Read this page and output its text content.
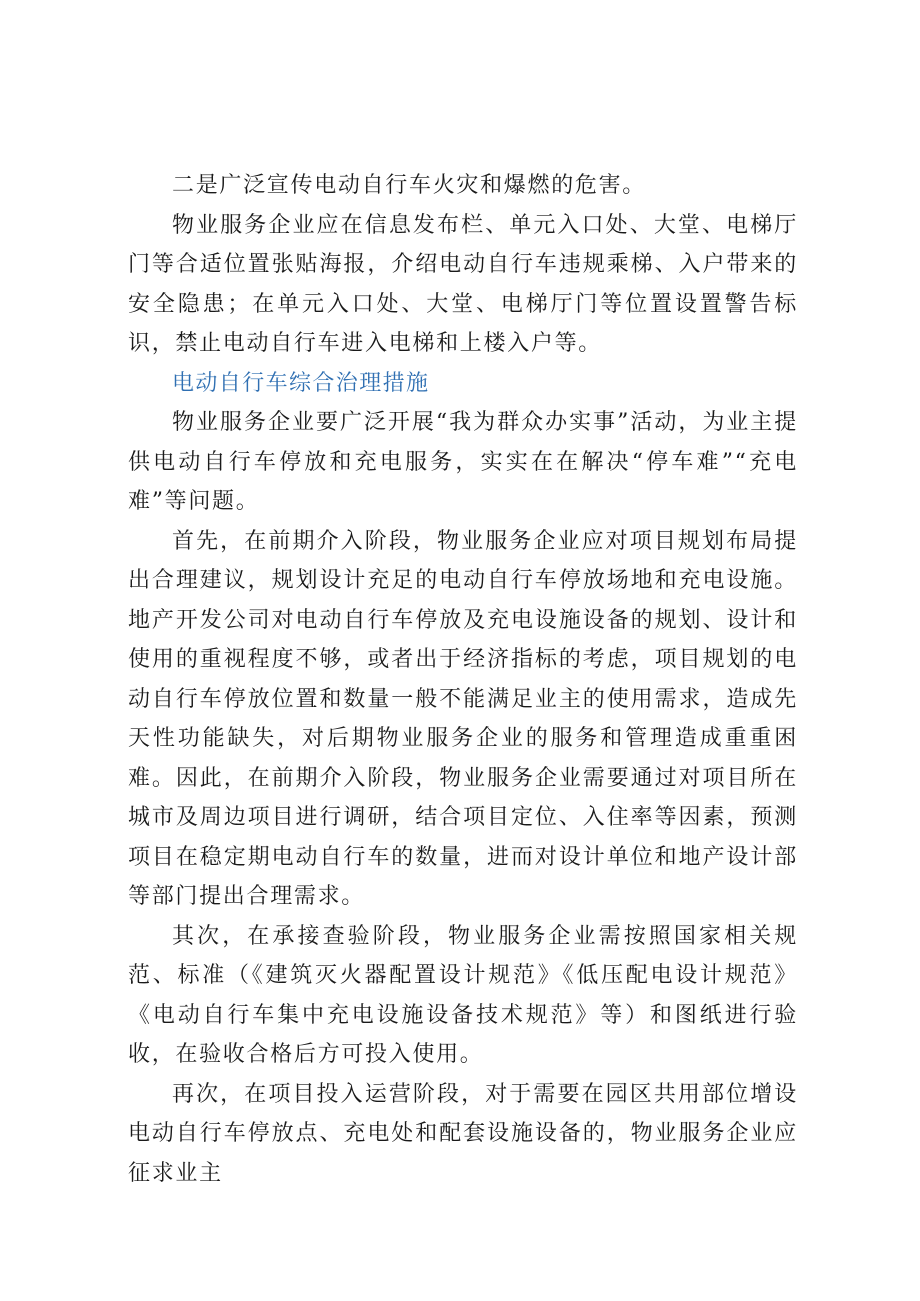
二是广泛宣传电动自行车火灾和爆燃的危害。

物业服务企业应在信息发布栏、单元入口处、大堂、电梯厅门等合适位置张贴海报，介绍电动自行车违规乘梯、入户带来的安全隐患；在单元入口处、大堂、电梯厅门等位置设置警告标识，禁止电动自行车进入电梯和上楼入户等。

电动自行车综合治理措施

物业服务企业要广泛开展“我为群众办实事”活动，为业主提供电动自行车停放和充电服务，实实在在解决“停车难”“充电难”等问题。

首先，在前期介入阶段，物业服务企业应对项目规划布局提出合理建议，规划设计充足的电动自行车停放场地和充电设施。地产开发公司对电动自行车停放及充电设施设备的规划、设计和使用的重视程度不够，或者出于经济指标的考虑，项目规划的电动自行车停放位置和数量一般不能满足业主的使用需求，造成先天性功能缺失，对后期物业服务企业的服务和管理造成重重困难。因此，在前期介入阶段，物业服务企业需要通过对项目所在城市及周边项目进行调研，结合项目定位、入住率等因素，预测项目在稳定期电动自行车的数量，进而对设计单位和地产设计部等部门提出合理需求。

其次，在承接查验阶段，物业服务企业需按照国家相关规范、标准（《建筑灭火器配置设计规范》《低压配电设计规范》《电动自行车集中充电设施设备技术规范》等）和图纸进行验收，在验收合格后方可投入使用。

再次，在项目投入运营阶段，对于需要在园区共用部位增设电动自行车停放点、充电处和配套设施设备的，物业服务企业应征求业主
